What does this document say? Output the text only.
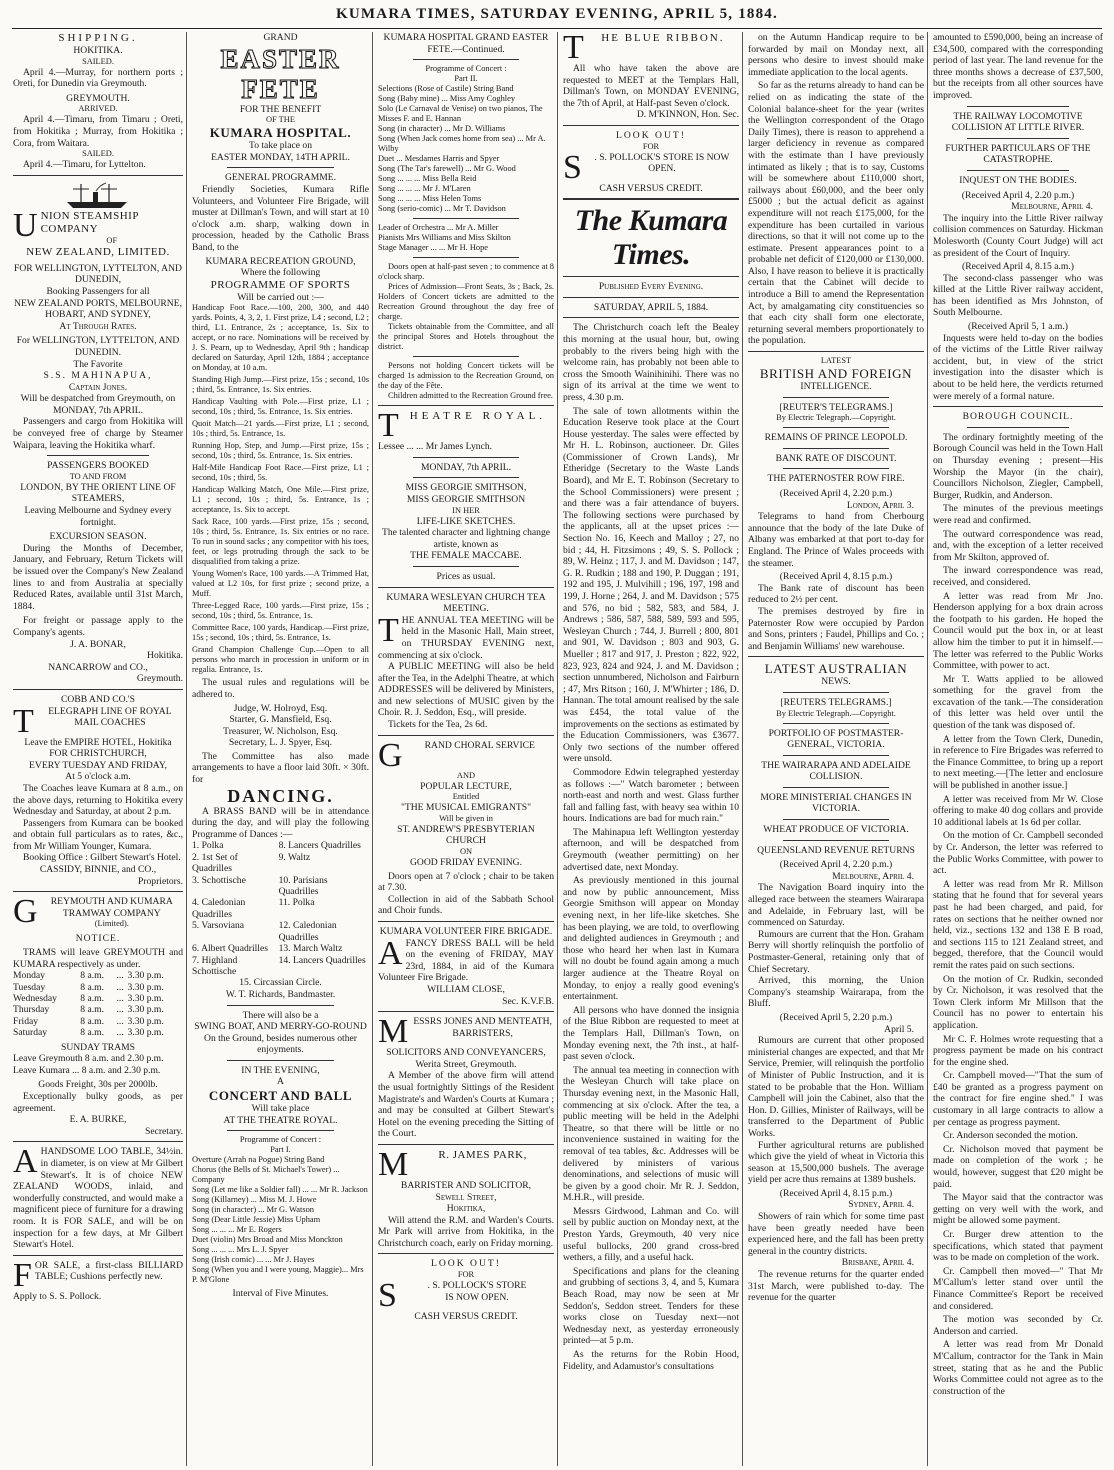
KUMARA TIMES, SATURDAY EVENING, APRIL 5, 1884.
SHIPPING.
HOKITIKA.
SAILED.
April 4.—Murray, for northern ports ; Oreti, for Dunedin via Greymouth.
GREYMOUTH.
ARRIVED.
April 4.—Timaru, from Timaru ; Oreti, from Hokitika ; Murray, from Hokitika ; Cora, from Waitara.
SAILED.
April 4.—Timaru, for Lyttelton.
U NION STEAMSHIP COMPANY
OF
NEW ZEALAND, LIMITED.
FOR WELLINGTON, LYTTELTON, AND DUNEDIN,
Booking Passengers for all
NEW ZEALAND PORTS, MELBOURNE, HOBART, AND SYDNEY,
At Through Rates.
For WELLINGTON, LYTTELTON, AND DUNEDIN.
The Favorite
S.S. MAHINAPUA,
Captain Jones.
Will be despatched from Greymouth, on
MONDAY, 7th APRIL.
Passengers and cargo from Hokitika will be conveyed free of charge by Steamer Waipara, leaving the Hokitika wharf.
PASSENGERS BOOKED
TO AND FROM
LONDON, BY THE ORIENT LINE OF STEAMERS,
Leaving Melbourne and Sydney every fortnight.
EXCURSION SEASON.
During the Months of December, January, and February, Return Tickets will be issued over the Company's New Zealand lines to and from Australia at specially Reduced Rates, available until 31st March, 1884.
For freight or passage apply to the Company's agents.
J. A. BONAR,
Hokitika.
NANCARROW and CO.,
Greymouth.
COBB AND CO.'S
T	ELEGRAPH LINE OF ROYAL MAIL COACHES
Leave the EMPIRE HOTEL, Hokitika
FOR CHRISTCHURCH,
EVERY TUESDAY AND FRIDAY,
At 5 o'clock a.m.
The Coaches leave Kumara at 8 a.m., on the above days, returning to Hokitika every Wednesday and Saturday, at about 2 p.m.
Passengers from Kumara can be booked and obtain full particulars as to rates, &c., from Mr William Younger, Kumara.
Booking Office : Gilbert Stewart's Hotel.
CASSIDY, BINNIE, and CO.,
Proprietors.
G	REYMOUTH AND KUMARA TRAMWAY COMPANY
(Limited).
NOTICE.
TRAMS will leave GREYMOUTH and KUMARA respectively as under.
Monday	8 a.m.	...	3.30 p.m.
Tuesday	8 a.m.	...	3.30 p.m.
Wednesday	8 a.m.	...	3.30 p.m.
Thursday	8 a.m.	...	3.30 p.m.
Friday	8 a.m.	...	3.30 p.m.
Saturday	8 a.m.	...	3.30 p.m.
SUNDAY TRAMS
Leave Greymouth 8 a.m. and 2.30 p.m.
Leave Kumara ... 8 a.m. and 2.30 p.m.
Goods Freight, 30s per 2000lb.
Exceptionally bulky goods, as per agreement.
E. A. BURKE,
Secretary.
A HANDSOME LOO TABLE, 34½in. in diameter, is on view at Mr Gilbert Stewart's. It is of choice NEW ZEALAND WOODS, inlaid, and wonderfully constructed, and would make a magnificent piece of furniture for a drawing room. It is FOR SALE, and will be on inspection for a few days, at Mr Gilbert Stewart's Hotel.
F OR SALE, a first-class BILLIARD TABLE; Cushions perfectly new.
Apply to S. S. Pollock.
GRAND
EASTER FETE
FOR THE BENEFIT
OF THE
KUMARA HOSPITAL.
To take place on
EASTER MONDAY, 14TH APRIL.
GENERAL PROGRAMME.
Friendly Societies, Kumara Rifle Volunteers, and Volunteer Fire Brigade, will muster at Dillman's Town, and will start at 10 o'clock a.m. sharp, walking down in procession, headed by the Catholic Brass Band, to the
KUMARA RECREATION GROUND,
Where the following
PROGRAMME OF SPORTS
Will be carried out :—
Handicap Foot Race.—100, 200, 300, and 440 yards. Points, 4, 3, 2, 1. First prize, L4 ; second, L2 ; third, L1. Entrance, 2s ; acceptance, 1s. Six to accept, or no race. Nominations will be received by J. S. Pearn, up to Wednesday, April 9th ; handicap declared on Saturday, April 12th, 1884 ; acceptance on Monday, at 10 a.m.
Standing High Jump.—First prize, 15s ; second, 10s ; third, 5s. Entrance, 1s. Six entries.
Handicap Vaulting with Pole.—First prize, L1 ; second, 10s ; third, 5s. Entrance, 1s. Six entries.
Quoit Match—21 yards.—First prize, L1 ; second, 10s ; third, 5s. Entrance, 1s.
Running Hop, Step, and Jump.—First prize, 15s ; second, 10s ; third, 5s. Entrance, 1s. Six entries.
Half-Mile Handicap Foot Race.—First prize, L1 ; second, 10s ; third, 5s.
Handicap Walking Match, One Mile.—First prize, L1 ; second, 10s ; third, 5s. Entrance, 1s ; acceptance, 1s. Six to accept.
Sack Race, 100 yards.—First prize, 15s ; second, 10s ; third, 5s. Entrance, 1s. Six entries or no race. To run in sound sacks ; any competitor with his toes, feet, or legs protruding through the sack to be disqualified from taking a prize.
Young Women's Race, 100 yards.—A Trimmed Hat, valued at L2 10s, for first prize ; second prize, a Muff.
Three-Legged Race, 100 yards.—First prize, 15s ; second, 10s ; third, 5s. Entrance, 1s.
Committee Race, 100 yards, Handicap.—First prize, 15s ; second, 10s ; third, 5s. Entrance, 1s.
Grand Champion Challenge Cup.—Open to all persons who march in procession in uniform or in regalia. Entrance, 1s.
The usual rules and regulations will be adhered to.
Judge, W. Holroyd, Esq.
Starter, G. Mansfield, Esq.
Treasurer, W. Nicholson, Esq.
Secretary, L. J. Spyer, Esq.
The Committee has also made arrangements to have a floor laid 30ft. × 30ft. for
DANCING.
A BRASS BAND will be in attendance during the day, and will play the following Programme of Dances :—
1. Polka	8. Lancers Quadrilles
2. 1st Set of Quadrilles	9. Waltz
3. Schottische	10. Parisians Quadrilles
4. Caledonian Quadrilles	11. Polka
5. Varsoviana	12. Caledonian Quadrilles
6. Albert Quadrilles	13. March Waltz
7. Highland Schottische	14. Lancers Quadrilles
15. Circassian Circle.
W. T. Richards, Bandmaster.
There will also be a
SWING BOAT, AND MERRY-GO-ROUND
On the Ground, besides numerous other enjoyments.
IN THE EVENING,
A
CONCERT AND BALL
Will take place
AT THE THEATRE ROYAL.
Programme of Concert :
Part I.
Overture (Arrah na Pogue) String Band
Chorus (the Bells of St. Michael's Tower) ... Company
Song (Let me like a Soldier fall) ... ... Mr R. Jackson
Song (Killarney) ... Miss M. J. Howe
Song (in character) ... Mr G. Watson
Song (Dear Little Jessie) Miss Upham
Song ... ... ... Mr E. Rogers
Duet (violin) Mrs Broad and Miss Monckton
Song ... ... ... Mrs L. J. Spyer
Song (Irish comic) ... ... Mr J. Hayes
Song (When you and I were young, Maggie)... Mrs P. M'Glone
Interval of Five Minutes.
KUMARA HOSPITAL GRAND EASTER FETE.—Continued.
Programme of Concert :
Part II.
Selections (Rose of Castile) String Band
Song (Baby mine) ... Miss Amy Coghley
Solo (Le Carnaval de Venise) on two pianos, The Misses F. and E. Hannan
Song (in character) ... Mr D. Williams
Song (When Jack comes home from sea) ... Mr A. Wilby
Duet ... Mesdames Harris and Spyer
Song (The Tar's farewell) ... Mr G. Wood
Song ... ... ... Miss Bella Reid
Song ... ... ... Mr J. M'Laren
Song ... ... ... Miss Helen Toms
Song (serio-comic) ... Mr T. Davidson
Leader of Orchestra ... Mr A. Miller
Pianists Mrs Williams and Miss Skilton
Stage Manager ... ... Mr H. Hope
Doors open at half-past seven ; to commence at 8 o'clock sharp.
Prices of Admission—Front Seats, 3s ; Back, 2s. Holders of Concert tickets are admitted to the Recreation Ground throughout the day free of charge.
Tickets obtainable from the Committee, and all the principal Stores and Hotels throughout the district.
Persons not holding Concert tickets will be charged 1s admission to the Recreation Ground, on the day of the Fête.
Children admitted to the Recreation Ground free.
T HEATRE ROYAL.
Lessee ... ... Mr James Lynch.
MONDAY, 7th APRIL.
MISS GEORGIE SMITHSON,
MISS GEORGIE SMITHSON
IN HER
LIFE-LIKE SKETCHES.
The talented character and lightning change artiste, known as
THE FEMALE MACCABE.
Prices as usual.
KUMARA WESLEYAN CHURCH TEA MEETING.
T HE ANNUAL TEA MEETING will be held in the Masonic Hall, Main street, on THURSDAY EVENING next, commencing at six o'clock.
A PUBLIC MEETING will also be held after the Tea, in the Adelphi Theatre, at which ADDRESSES will be delivered by Ministers, and new selections of MUSIC given by the Choir. R. J. Seddon, Esq., will preside.
Tickets for the Tea, 2s 6d.
G	RAND CHORAL SERVICE
AND
POPULAR LECTURE,
Entitled
"THE MUSICAL EMIGRANTS"
Will be given in
ST. ANDREW'S PRESBYTERIAN CHURCH
ON
GOOD FRIDAY EVENING.
Doors open at 7 o'clock ; chair to be taken at 7.30.
Collection in aid of the Sabbath School and Choir funds.
KUMARA VOLUNTEER FIRE BRIGADE.
A FANCY DRESS BALL will be held on the evening of FRIDAY, MAY 23rd, 1884, in aid of the Kumara Volunteer Fire Brigade.
WILLIAM CLOSE,
Sec. K.V.F.B.
M ESSRS JONES AND MENTEATH,
BARRISTERS,
SOLICITORS AND CONVEYANCERS,
Werita Street, Greymouth.
A Member of the above firm will attend the usual fortnightly Sittings of the Resident Magistrate's and Warden's Courts at Kumara ; and may be consulted at Gilbert Stewart's Hotel on the evening preceding the Sitting of the Court.
M	R. JAMES PARK,
BARRISTER AND SOLICITOR,
Sewell Street,
Hokitika,
Will attend the R.M. and Warden's Courts. Mr Park will arrive from Hokitika, in the Christchurch coach, early on Friday morning.
LOOK OUT!
FOR
S	. S. POLLOCK'S STORE
IS NOW OPEN.
CASH VERSUS CREDIT.
T	HE BLUE RIBBON.
All who have taken the above are requested to MEET at the Templars Hall, Dillman's Town, on MONDAY EVENING, the 7th of April, at Half-past Seven o'clock.
D. M'KINNON, Hon. Sec.
LOOK OUT!
FOR
S	. S. POLLOCK'S STORE IS NOW OPEN.
CASH VERSUS CREDIT.
The Kumara Times.
Published Every Evening.
SATURDAY, APRIL 5, 1884.
The Christchurch coach left the Bealey this morning at the usual hour, but, owing probably to the rivers being high with the welcome rain, has probably not been able to cross the Smooth Wainihinihi. There was no sign of its arrival at the time we went to press, 4.30 p.m.
The sale of town allotments within the Education Reserve took place at the Court House yesterday. The sales were effected by Mr H. L. Robinson, auctioneer. Dr. Giles (Commissioner of Crown Lands), Mr Etheridge (Secretary to the Waste Lands Board), and Mr E. T. Robinson (Secretary to the School Commissioners) were present ; and there was a fair attendance of buyers. The following sections were purchased by the applicants, all at the upset prices :—Section No. 16, Keech and Malloy ; 27, no bid ; 44, H. Fitzsimons ; 49, S. S. Pollock ; 89, W. Heinz ; 117, J. and M. Davidson ; 147, G. R. Rudkin ; 188 and 190, P. Duggan ; 191, 192 and 195, J. Mulvihill ; 196, 197, 198 and 199, J. Horne ; 264, J. and M. Davidson ; 575 and 576, no bid ; 582, 583, and 584, J. Andrews ; 586, 587, 588, 589, 593 and 595, Wesleyan Church ; 744, J. Burrell ; 800, 801 and 901, W. Davidson ; 803 and 903, G. Mueller ; 817 and 917, J. Preston ; 822, 922, 823, 923, 824 and 924, J. and M. Davidson ; section unnumbered, Nicholson and Fairburn ; 47, Mrs Ritson ; 160, J. M'Whirter ; 186, D. Hannan. The total amount realised by the sale was £454, the total value of the improvements on the sections as estimated by the Education Commissioners, was £3677. Only two sections of the number offered were unsold.
Commodore Edwin telegraphed yesterday as follows :—" Watch barometer ; between north-east and north and west. Glass further fall and falling fast, with heavy sea within 10 hours. Indications are bad for much rain."
The Mahinapua left Wellington yesterday afternoon, and will be despatched from Greymouth (weather permitting) on her advertised date, next Monday.
As previously mentioned in this journal and now by public announcement, Miss Georgie Smithson will appear on Monday evening next, in her life-like sketches. She has been playing, we are told, to overflowing and delighted audiences in Greymouth ; and those who heard her when last in Kumara will no doubt be found again among a much larger audience at the Theatre Royal on Monday, to enjoy a really good evening's entertainment.
All persons who have donned the insignia of the Blue Ribbon are requested to meet at the Templars Hall, Dillman's Town, on Monday evening next, the 7th inst., at half-past seven o'clock.
The annual tea meeting in connection with the Wesleyan Church will take place on Thursday evening next, in the Masonic Hall, commencing at six o'clock. After the tea, a public meeting will be held in the Adelphi Theatre, so that there will be little or no inconvenience sustained in waiting for the removal of tea tables, &c. Addresses will be delivered by ministers of various denominations, and selections of music will be given by a good choir. Mr R. J. Seddon, M.H.R., will preside.
Messrs Girdwood, Lahman and Co. will sell by public auction on Monday next, at the Preston Yards, Greymouth, 40 very nice useful bullocks, 200 grand cross-bred wethers, a filly, and a useful hack.
Specifications and plans for the cleaning and grubbing of sections 3, 4, and 5, Kumara Beach Road, may now be seen at Mr Seddon's, Seddon street. Tenders for these works close on Tuesday next—not Wednesday next, as yesterday erroneously printed—at 5 p.m.
As the returns for the Robin Hood, Fidelity, and Adamustor's consultations
on the Autumn Handicap require to be forwarded by mail on Monday next, all persons who desire to invest should make immediate application to the local agents.
So far as the returns already to hand can be relied on as indicating the state of the Colonial balance-sheet for the year (writes the Wellington correspondent of the Otago Daily Times), there is reason to apprehend a larger deficiency in revenue as compared with the estimate than I have previously intimated as likely ; that is to say, Customs will be somewhere about £110,000 short, railways about £60,000, and the beer only £5000 ; but the actual deficit as against expenditure will not reach £175,000, for the expenditure has been curtailed in various directions, so that it will not come up to the estimate. Present appearances point to a probable net deficit of £120,000 or £130,000. Also, I have reason to believe it is practically certain that the Cabinet will decide to introduce a Bill to amend the Representation Act, by amalgamating city constituencies so that each city shall form one electorate, returning several members proportionately to the population.
LATEST
BRITISH AND FOREIGN
INTELLIGENCE.
[REUTER'S TELEGRAMS.]
By Electric Telegraph.—Copyright.
REMAINS OF PRINCE LEOPOLD.
BANK RATE OF DISCOUNT.
THE PATERNOSTER ROW FIRE.
(Received April 4, 2.20 p.m.)
London, April 3.
Telegrams to hand from Cherbourg announce that the body of the late Duke of Albany was embarked at that port to-day for England. The Prince of Wales proceeds with the steamer.
(Received April 4, 8.15 p.m.)
The Bank rate of discount has been reduced to 2½ per cent.
The premises destroyed by fire in Paternoster Row were occupied by Pardon and Sons, printers ; Faudel, Phillips and Co. ; and Benjamin Williams' new warehouse.
LATEST AUSTRALIAN
NEWS.
[REUTERS TELEGRAMS.]
By Electric Telegraph.—Copyright.
PORTFOLIO OF POSTMASTER-GENERAL, VICTORIA.
THE WAIRARAPA AND ADELAIDE COLLISION.
MORE MINISTERIAL CHANGES IN VICTORIA.
WHEAT PRODUCE OF VICTORIA.
QUEENSLAND REVENUE RETURNS
(Received April 4, 2.20 p.m.)
Melbourne, April 4.
The Navigation Board inquiry into the alleged race between the steamers Wairarapa and Adelaide, in February last, will be commenced on Saturday.
Rumours are current that the Hon. Graham Berry will shortly relinquish the portfolio of Postmaster-General, retaining only that of Chief Secretary.
Arrived, this morning, the Union Company's steamship Wairarapa, from the Bluff.
(Received April 5, 2.20 p.m.)
April 5.
Rumours are current that other proposed ministerial changes are expected, and that Mr Service, Premier, will relinquish the portfolio of Minister of Public Instruction, and it is stated to be probable that the Hon. William Campbell will join the Cabinet, also that the Hon. D. Gillies, Minister of Railways, will be transferred to the Department of Public Works.
Further agricultural returns are published which give the yield of wheat in Victoria this season at 15,500,000 bushels. The average yield per acre thus remains at 1389 bushels.
(Received April 4, 8.15 p.m.)
Sydney, April 4.
Showers of rain which for some time past have been greatly needed have been experienced here, and the fall has been pretty general in the country districts.
Brisbane, April 4.
The revenue returns for the quarter ended 31st March, were published to-day. The revenue for the quarter
amounted to £590,000, being an increase of £34,500, compared with the corresponding period of last year. The land revenue for the three months shows a decrease of £37,500, but the receipts from all other sources have improved.
THE RAILWAY LOCOMOTIVE COLLISION AT LITTLE RIVER.
FURTHER PARTICULARS OF THE CATASTROPHE.
INQUEST ON THE BODIES.
(Received April 4, 2.20 p.m.)
Melbourne, April 4.
The inquiry into the Little River railway collision commences on Saturday. Hickman Molesworth (County Court Judge) will act as president of the Court of Inquiry.
(Received April 4, 8.15 a.m.)
The second-class passenger who was killed at the Little River railway accident, has been identified as Mrs Johnston, of South Melbourne.
(Received April 5, 1 a.m.)
Inquests were held to-day on the bodies of the victims of the Little River railway accident, but, in view of the strict investigation into the disaster which is about to be held here, the verdicts returned were merely of a formal nature.
BOROUGH COUNCIL.
The ordinary fortnightly meeting of the Borough Council was held in the Town Hall on Thursday evening ; present—His Worship the Mayor (in the chair), Councillors Nicholson, Ziegler, Campbell, Burger, Rudkin, and Anderson.
The minutes of the previous meetings were read and confirmed.
The outward correspondence was read, and, with the exception of a letter received from Mr Skilton, approved of.
The inward correspondence was read, received, and considered.
A letter was read from Mr Jno. Henderson applying for a box drain across the footpath to his garden. He hoped the Council would put the box in, or at least allow him the timber to put it in himself.—The letter was referred to the Public Works Committee, with power to act.
Mr T. Watts applied to be allowed something for the gravel from the excavation of the tank.—The consideration of this letter was held over until the question of the tank was disposed of.
A letter from the Town Clerk, Dunedin, in reference to Fire Brigades was referred to the Finance Committee, to bring up a report to next meeting.—[The letter and enclosure will be published in another issue.]
A letter was received from Mr W. Close offering to make 40 dog collars and provide 10 additional labels at 1s 6d per collar.
On the motion of Cr. Campbell seconded by Cr. Anderson, the letter was referred to the Public Works Committee, with power to act.
A letter was read from Mr R. Millson stating that he found that for several years past he had been charged, and paid, for rates on sections that he neither owned nor held, viz., sections 132 and 138 E B road, and sections 115 to 121 Zealand street, and begged, therefore, that the Council would remit the rates paid on such sections.
On the motion of Cr. Rudkin, seconded by Cr. Nicholson, it was resolved that the Town Clerk inform Mr Millson that the Council has no power to entertain his application.
Mr C. F. Holmes wrote requesting that a progress payment be made on his contract for the engine shed.
Cr. Campbell moved—"That the sum of £40 be granted as a progress payment on the contract for fire engine shed." I was customary in all large contracts to allow a per centage as progress payment.
Cr. Anderson seconded the motion.
Cr. Nicholson moved that payment be made on completion of the work ; he would, however, suggest that £20 might be paid.
The Mayor said that the contractor was getting on very well with the work, and might be allowed some payment.
Cr. Burger drew attention to the specifications, which stated that payment was to be made on completion of the work.
Cr. Campbell then moved—" That Mr M'Callum's letter stand over until the Finance Committee's Report be received and considered.
The motion was seconded by Cr. Anderson and carried.
A letter was read from Mr Donald M'Callum, contractor for the Tank in Main street, stating that as he and the Public Works Committee could not agree as to the construction of the
